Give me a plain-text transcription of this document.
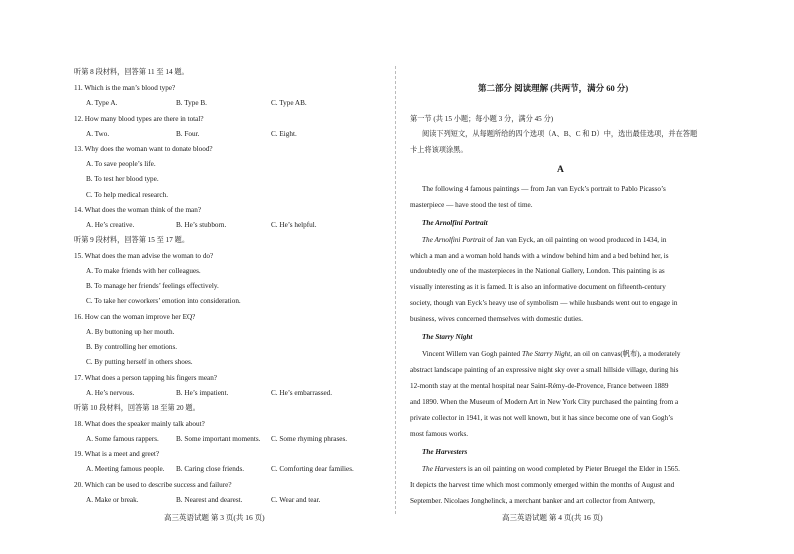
听第 8 段材料，回答第 11 至 14 题。
11. Which is the man’s blood type?
A. Type A.	B. Type B.	C. Type AB.
12. How many blood types are there in total?
A. Two.	B. Four.	C. Eight.
13. Why does the woman want to donate blood?
A. To save people’s life.
B. To test her blood type.
C. To help medical research.
14. What does the woman think of the man?
A. He’s creative.	B. He’s stubborn.	C. He’s helpful.
听第 9 段材料，回答第 15 至 17 题。
15. What does the man advise the woman to do?
A. To make friends with her colleagues.
B. To manage her friends’ feelings effectively.
C. To take her coworkers’ emotion into consideration.
16. How can the woman improve her EQ?
A. By buttoning up her mouth.
B. By controlling her emotions.
C. By putting herself in others shoes.
17. What does a person tapping his fingers mean?
A. He’s nervous.	B. He’s impatient.	C. He’s embarrassed.
听第 10 段材料，回答第 18 至第 20 题。
18. What does the speaker mainly talk about?
A. Some famous rappers. B. Some important moments. C. Some rhyming phrases.
19. What is a meet and greet?
A. Meeting famous people. B. Caring close friends.	C. Comforting dear families.
20. Which can be used to describe success and failure?
A. Make or break.	B. Nearest and dearest.	C. Wear and tear.
高三英语试题 第 3 页(共 16 页)
第二部分 阅读理解 (共两节，满分 60 分)
第一节 (共 15 小题；每小题 3 分，满分 45 分)
阅读下列短文，从每题所给的四个选项（A、B、C 和 D）中，选出最佳选项，并在答题
卡上将该项涂黑。
A
The following 4 famous paintings — from Jan van Eyck’s portrait to Pablo Picasso’s
masterpiece — have stood the test of time.
The Arnolfini Portrait
The Arnolfini Portrait of Jan van Eyck, an oil painting on wood produced in 1434, in
which a man and a woman hold hands with a window behind him and a bed behind her, is
undoubtedly one of the masterpieces in the National Gallery, London. This painting is as
visually interesting as it is famed. It is also an informative document on fifteenth-century
society, though van Eyck’s heavy use of symbolism — while husbands went out to engage in
business, wives concerned themselves with domestic duties.
The Starry Night
Vincent Willem van Gogh painted The Starry Night, an oil on canvas(帆布), a moderately
abstract landscape painting of an expressive night sky over a small hillside village, during his
12-month stay at the mental hospital near Saint-Rémy-de-Provence, France between 1889
and 1890. When the Museum of Modern Art in New York City purchased the painting from a
private collector in 1941, it was not well known, but it has since become one of van Gogh’s
most famous works.
The Harvesters
The Harvesters is an oil painting on wood completed by Pieter Bruegel the Elder in 1565.
It depicts the harvest time which most commonly emerged within the months of August and
September. Nicolaes Jonghelinck, a merchant banker and art collector from Antwerp,
高三英语试题 第 4 页(共 16 页)
